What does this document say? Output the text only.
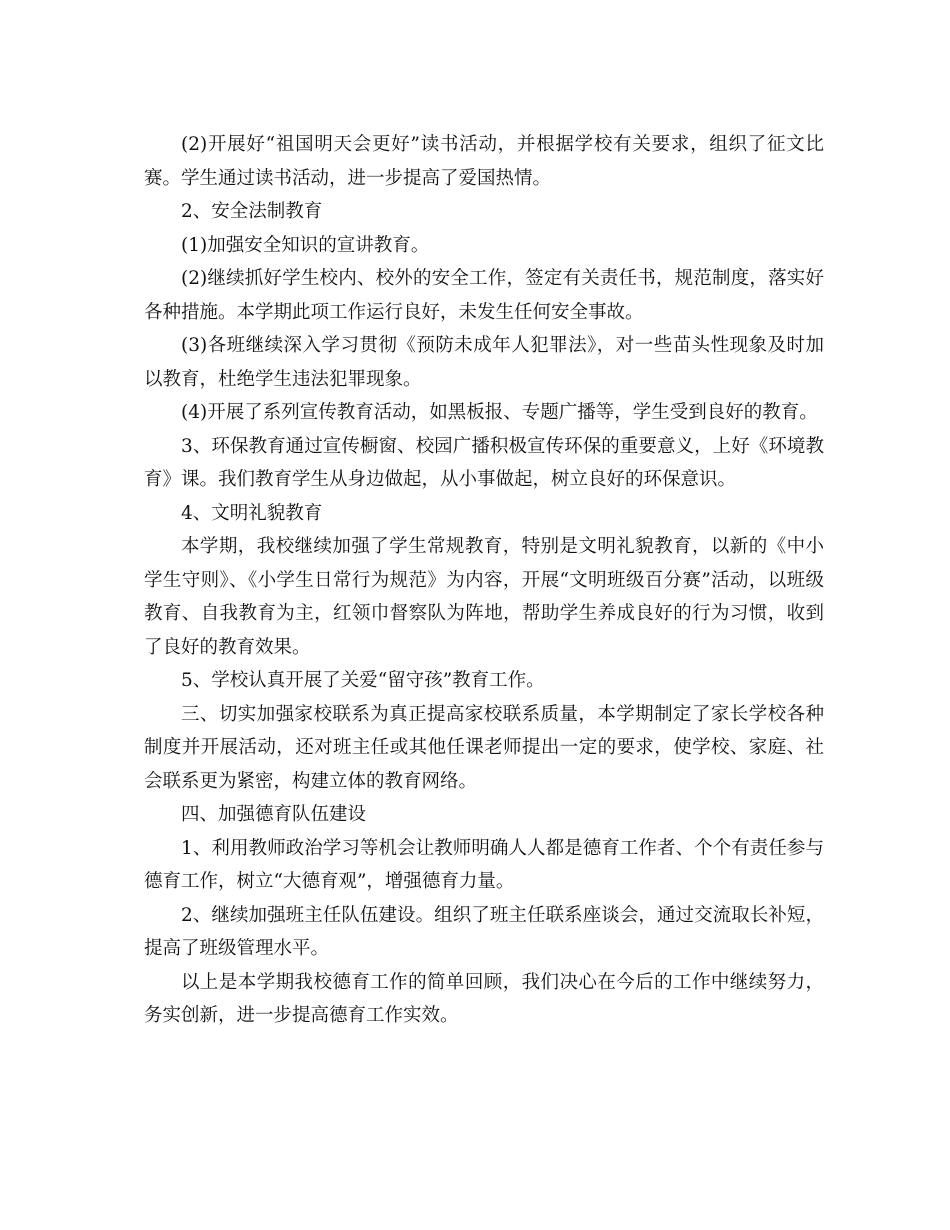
(2)开展好“祖国明天会更好”读书活动，并根据学校有关要求，组织了征文比赛。学生通过读书活动，进一步提高了爱国热情。

2、安全法制教育

(1)加强安全知识的宣讲教育。

(2)继续抓好学生校内、校外的安全工作，签定有关责任书，规范制度，落实好各种措施。本学期此项工作运行良好，未发生任何安全事故。

(3)各班继续深入学习贯彻《预防未成年人犯罪法》，对一些苗头性现象及时加以教育，杜绝学生违法犯罪现象。

(4)开展了系列宣传教育活动，如黑板报、专题广播等，学生受到良好的教育。

3、环保教育通过宣传橱窗、校园广播积极宣传环保的重要意义，上好《环境教育》课。我们教育学生从身边做起，从小事做起，树立良好的环保意识。

4、文明礼貌教育

本学期，我校继续加强了学生常规教育，特别是文明礼貌教育，以新的《中小学生守则》、《小学生日常行为规范》为内容，开展“文明班级百分赛”活动，以班级教育、自我教育为主，红领巾督察队为阵地，帮助学生养成良好的行为习惯，收到了良好的教育效果。

5、学校认真开展了关爱“留守孩”教育工作。

三、切实加强家校联系为真正提高家校联系质量，本学期制定了家长学校各种制度并开展活动，还对班主任或其他任课老师提出一定的要求，使学校、家庭、社会联系更为紧密，构建立体的教育网络。

四、加强德育队伍建设

1、利用教师政治学习等机会让教师明确人人都是德育工作者、个个有责任参与德育工作，树立“大德育观”，增强德育力量。

2、继续加强班主任队伍建设。组织了班主任联系座谈会，通过交流取长补短，提高了班级管理水平。

以上是本学期我校德育工作的简单回顾，我们决心在今后的工作中继续努力，务实创新，进一步提高德育工作实效。
